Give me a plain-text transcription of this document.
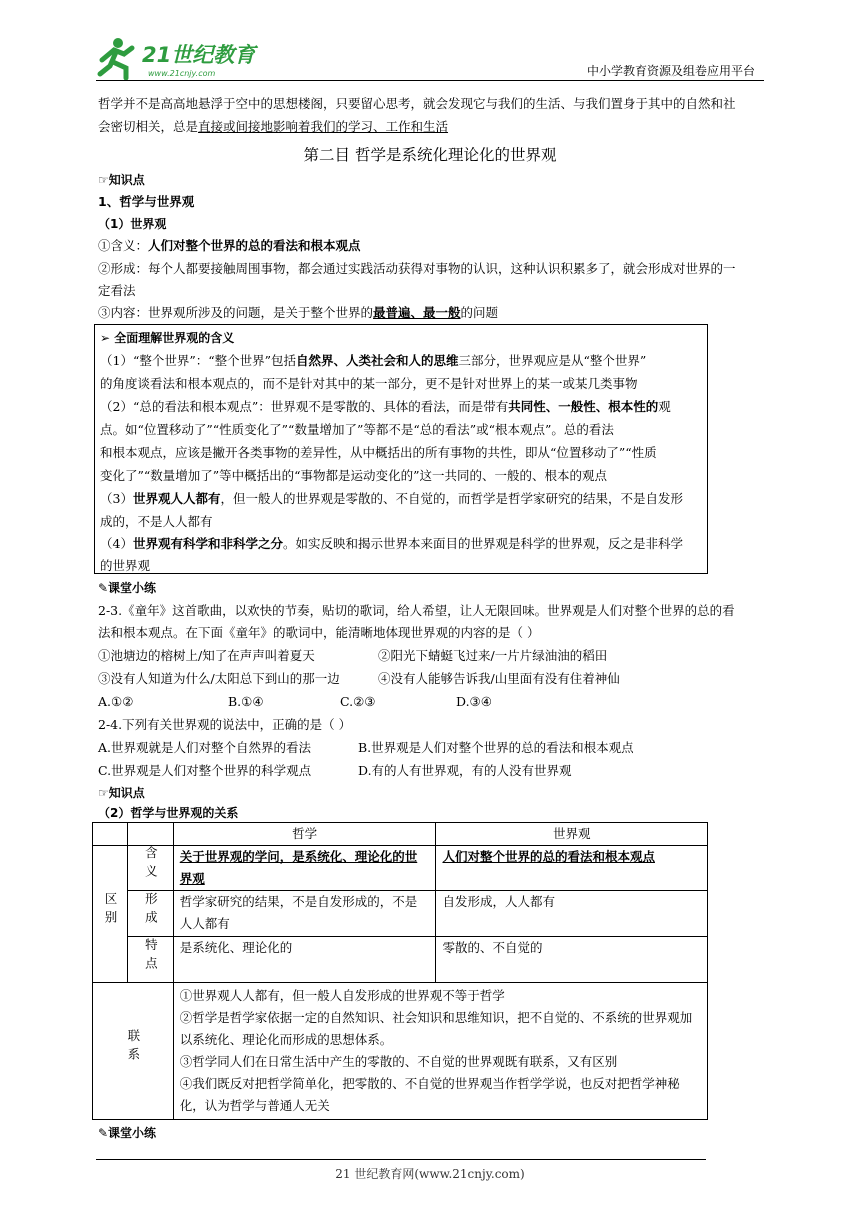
21世纪教育
www.21cnjy.com	中小学教育资源及组卷应用平台
哲学并不是高高地悬浮于空中的思想楼阁，只要留心思考，就会发现它与我们的生活、与我们置身于其中的自然和社
会密切相关，总是直接或间接地影响着我们的学习、工作和生活
第二目 哲学是系统化理论化的世界观
☞知识点
1、哲学与世界观
（1）世界观
①含义：人们对整个世界的总的看法和根本观点
②形成：每个人都要接触周围事物，都会通过实践活动获得对事物的认识，这种认识积累多了，就会形成对世界的一
定看法
③内容：世界观所涉及的问题，是关于整个世界的最普遍、最一般的问题
➢ 全面理解世界观的含义
（1）“整个世界”：“整个世界”包括自然界、人类社会和人的思维三部分，世界观应是从“整个世界”
的角度谈看法和根本观点的，而不是针对其中的某一部分，更不是针对世界上的某一或某几类事物
（2）“总的看法和根本观点”：世界观不是零散的、具体的看法，而是带有共同性、一般性、根本性的观
点。如“位置移动了”“性质变化了”“数量增加了”等都不是“总的看法”或“根本观点”。总的看法
和根本观点，应该是撇开各类事物的差异性，从中概括出的所有事物的共性，即从“位置移动了”“性质
变化了”“数量增加了”等中概括出的“事物都是运动变化的”这一共同的、一般的、根本的观点
（3）世界观人人都有，但一般人的世界观是零散的、不自觉的，而哲学是哲学家研究的结果，不是自发形
成的，不是人人都有
（4）世界观有科学和非科学之分。如实反映和揭示世界本来面目的世界观是科学的世界观，反之是非科学
的世界观
✎课堂小练
2-3.《童年》这首歌曲，以欢快的节奏，贴切的歌词，给人希望，让人无限回味。世界观是人们对整个世界的总的看
法和根本观点。在下面《童年》的歌词中，能清晰地体现世界观的内容的是（ ）
①池塘边的榕树上/知了在声声叫着夏天	②阳光下蜻蜓飞过来/一片片绿油油的稻田
③没有人知道为什么/太阳总下到山的那一边	④没有人能够告诉我/山里面有没有住着神仙
A.①②	B.①④	C.②③	D.③④
2-4.下列有关世界观的说法中，正确的是（ ）
A.世界观就是人们对整个自然界的看法	B.世界观是人们对整个世界的总的看法和根本观点
C.世界观是人们对整个世界的科学观点	D.有的人有世界观，有的人没有世界观
☞知识点
（2）哲学与世界观的关系
		哲学	世界观
区别	含义	关于世界观的学问，是系统化、理论化的世界观	人们对整个世界的总的看法和根本观点
	形成	哲学家研究的结果，不是自发形成的，不是人人都有	自发形成，人人都有
	特点	是系统化、理论化的	零散的、不自觉的
联系		①世界观人人都有，但一般人自发形成的世界观不等于哲学
②哲学是哲学家依据一定的自然知识、社会知识和思维知识，把不自觉的、不系统的世界观加以系统化、理论化而形成的思想体系。
③哲学同人们在日常生活中产生的零散的、不自觉的世界观既有联系，又有区别
④我们既反对把哲学简单化，把零散的、不自觉的世界观当作哲学学说，也反对把哲学神秘化，认为哲学与普通人无关	
✎课堂小练
21 世纪教育网(www.21cnjy.com)
